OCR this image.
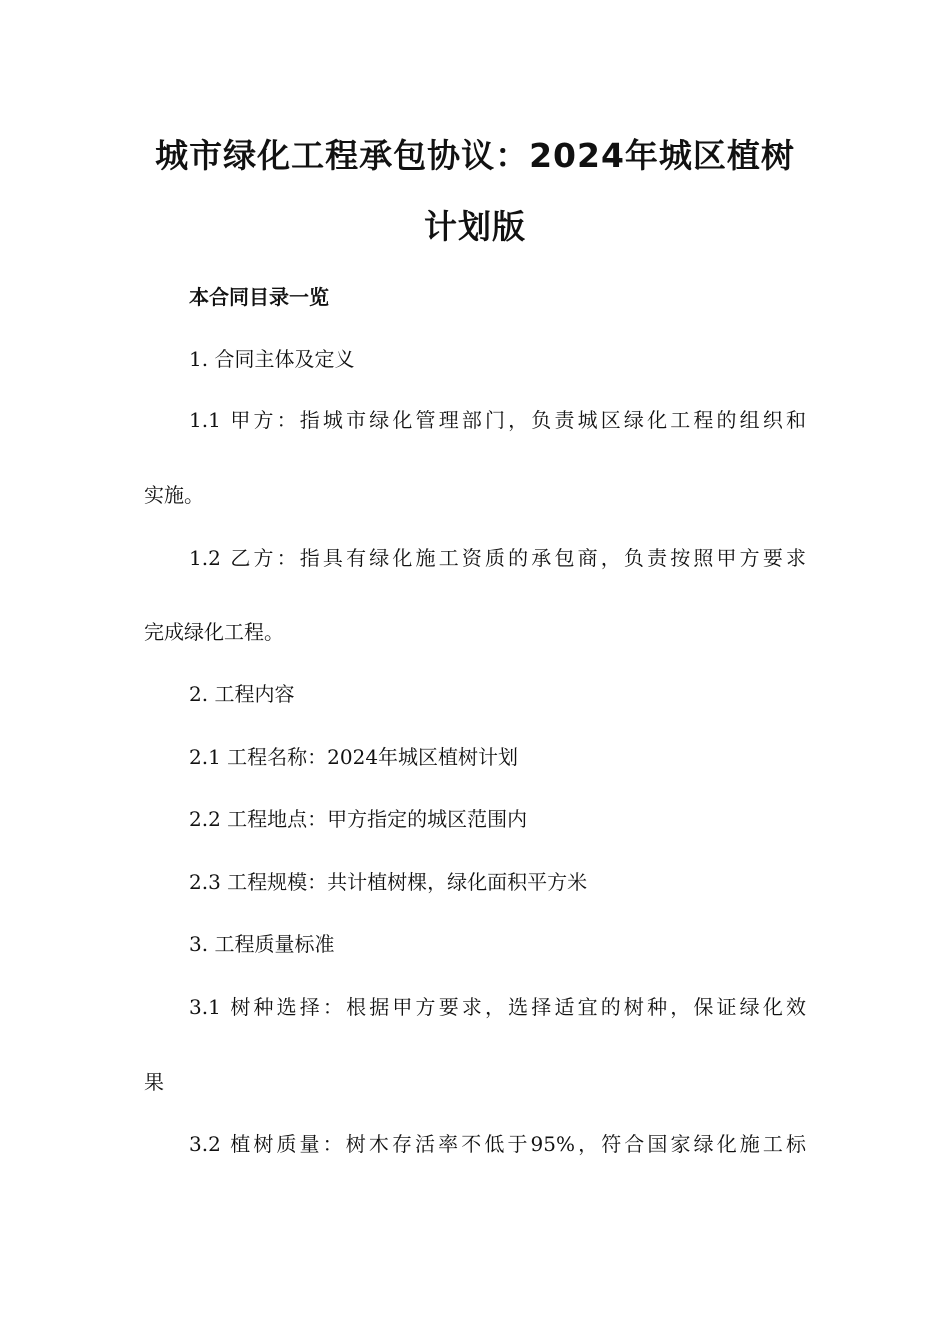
城市绿化工程承包协议：2024年城区植树
计划版

本合同目录一览

1. 合同主体及定义

1.1 甲方：指城市绿化管理部门，负责城区绿化工程的组织和

实施。

1.2 乙方：指具有绿化施工资质的承包商，负责按照甲方要求

完成绿化工程。

2. 工程内容

2.1 工程名称：2024年城区植树计划

2.2 工程地点：甲方指定的城区范围内

2.3 工程规模：共计植树棵，绿化面积平方米

3. 工程质量标准

3.1 树种选择：根据甲方要求，选择适宜的树种，保证绿化效

果

3.2 植树质量：树木存活率不低于95%，符合国家绿化施工标
